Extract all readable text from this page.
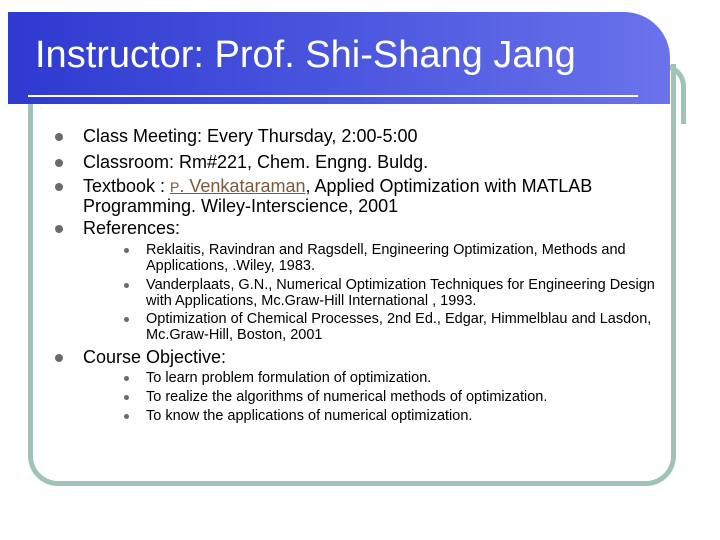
Instructor: Prof. Shi-Shang Jang
Class Meeting: Every Thursday, 2:00-5:00
Classroom: Rm#221, Chem. Engng. Buldg.
Textbook : P. Venkataraman, Applied Optimization with MATLAB Programming. Wiley-Interscience, 2001
References:
Reklaitis, Ravindran and Ragsdell, Engineering Optimization, Methods and Applications, .Wiley, 1983.
Vanderplaats, G.N., Numerical Optimization Techniques for Engineering Design with Applications, Mc.Graw-Hill International , 1993.
Optimization of Chemical Processes, 2nd Ed., Edgar, Himmelblau and Lasdon, Mc.Graw-Hill, Boston, 2001
Course Objective:
To learn problem formulation of optimization.
To realize the algorithms of numerical methods of optimization.
To know the applications of numerical optimization.
